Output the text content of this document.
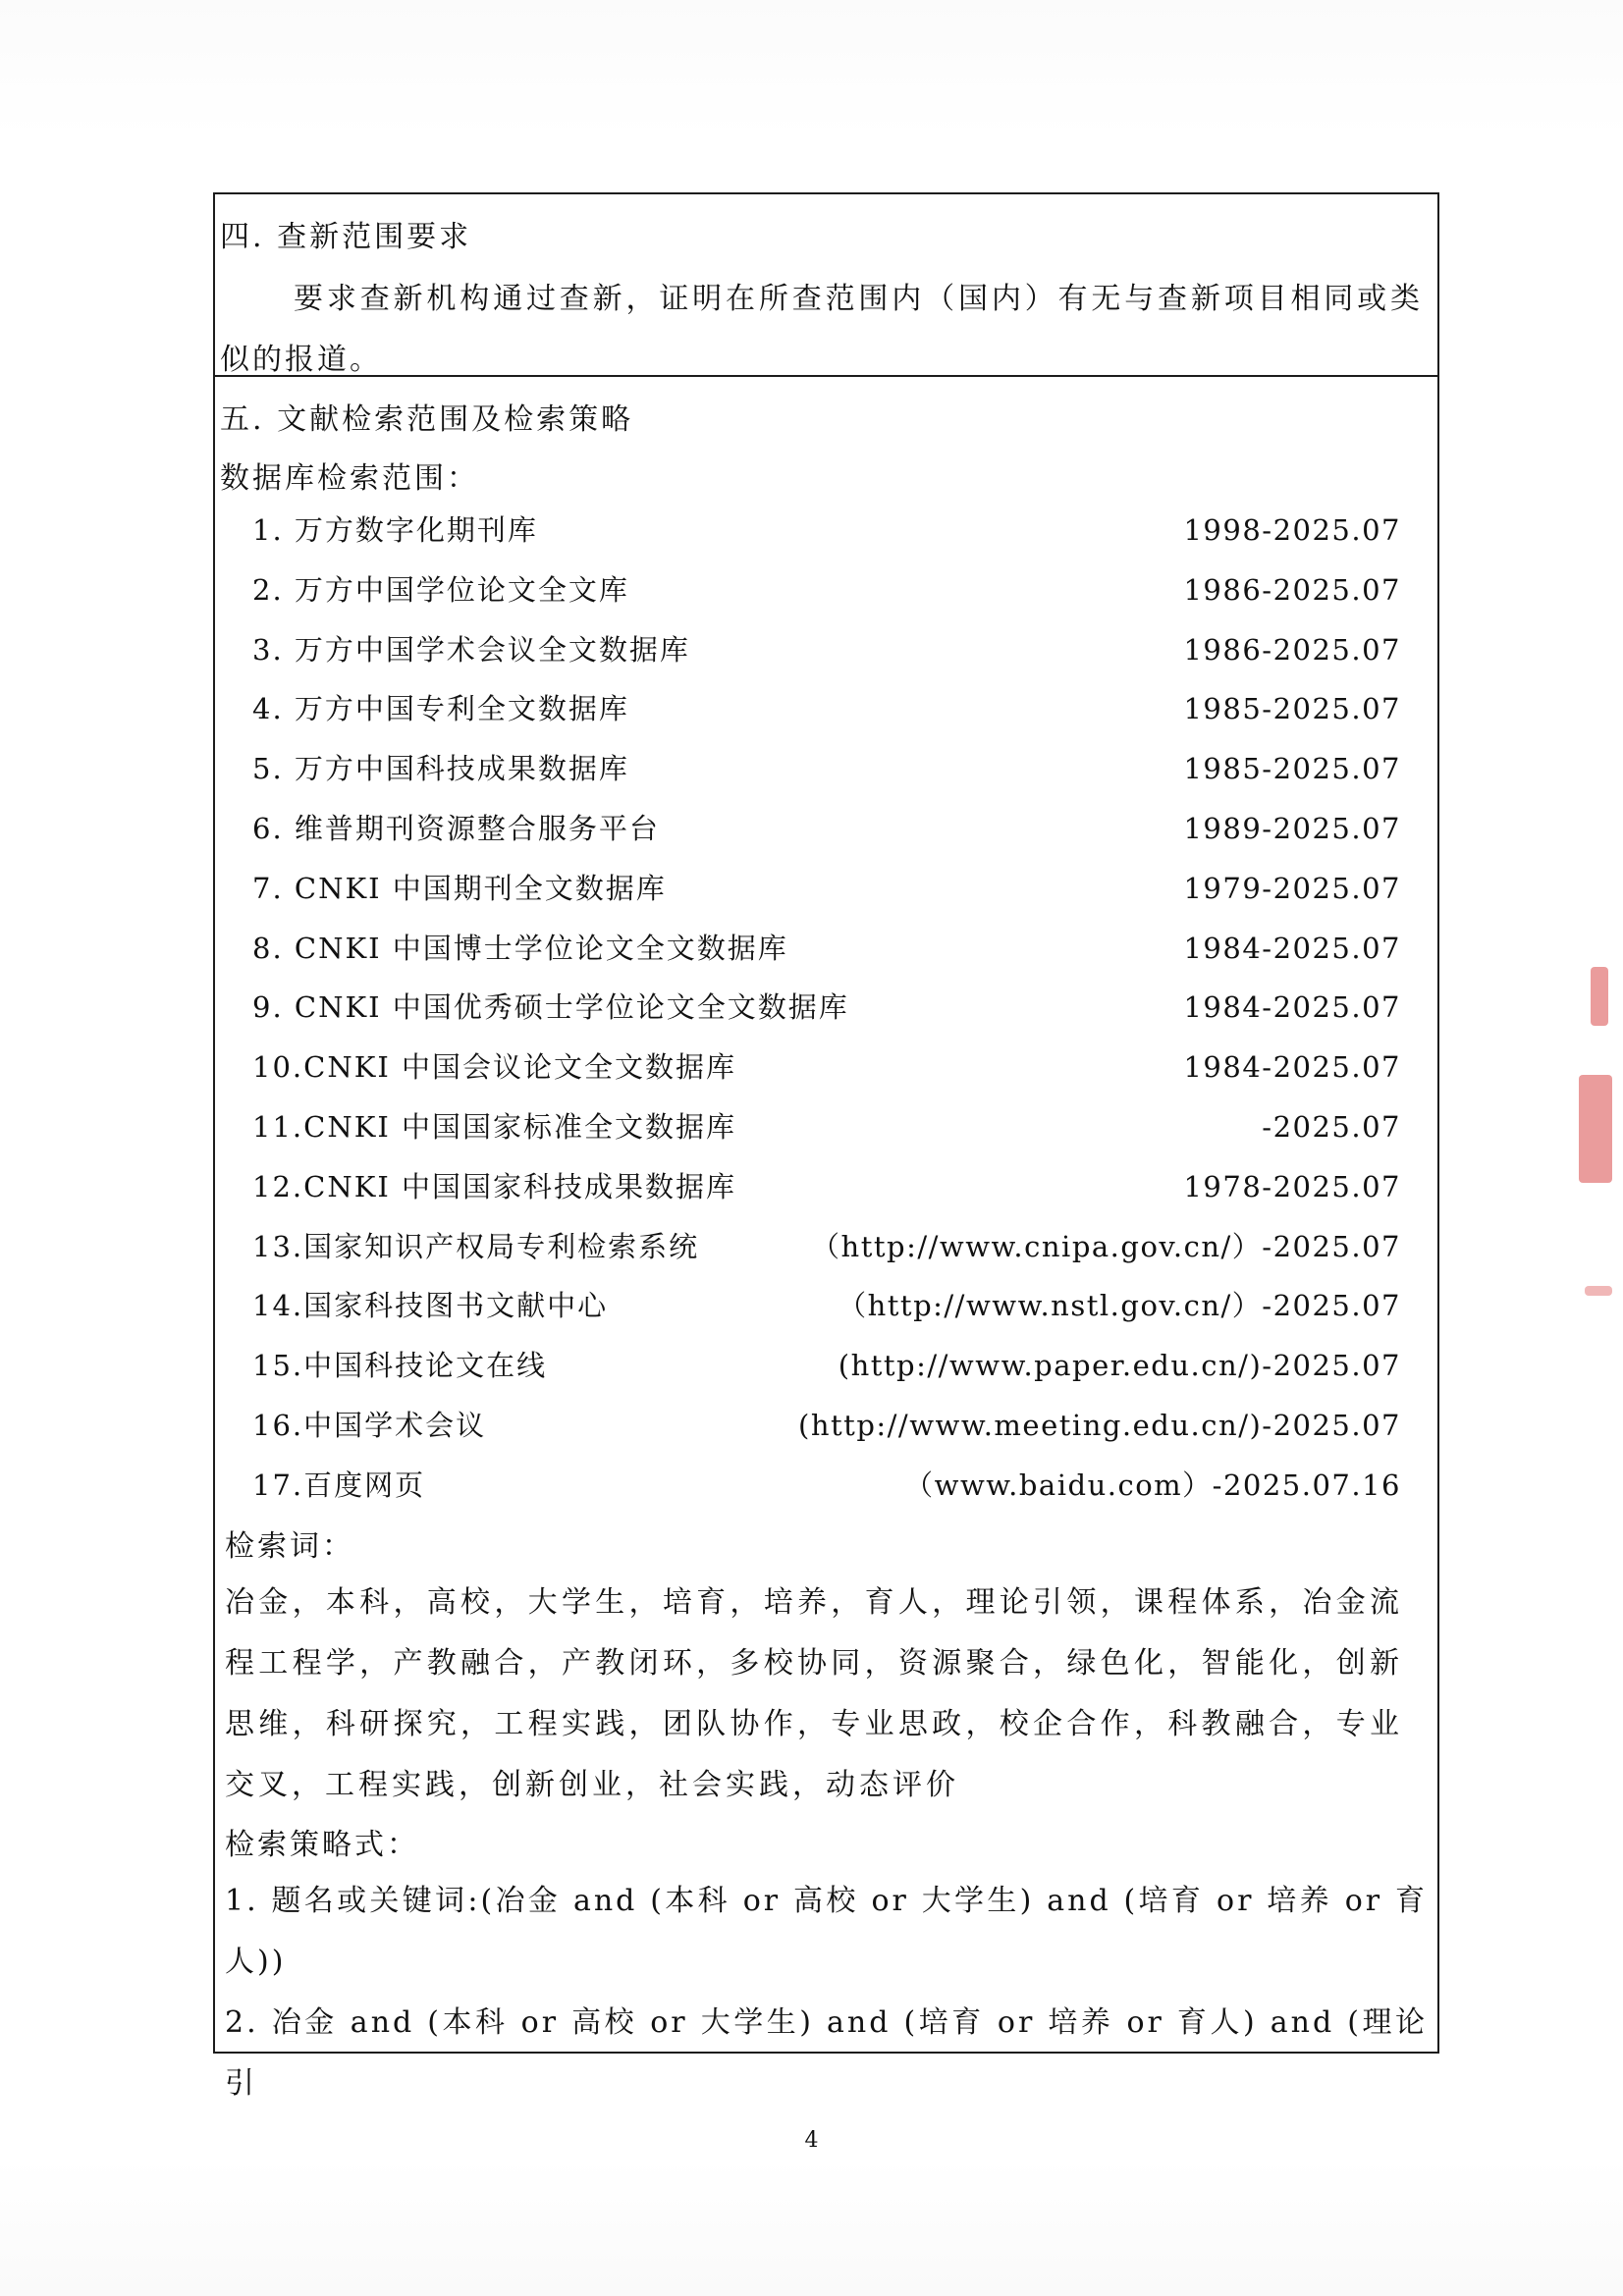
四. 查新范围要求
要求查新机构通过查新，证明在所查范围内（国内）有无与查新项目相同或类似的报道。
五. 文献检索范围及检索策略
数据库检索范围：
1. 万方数字化期刊库	1998-2025.07
2. 万方中国学位论文全文库	1986-2025.07
3. 万方中国学术会议全文数据库	1986-2025.07
4. 万方中国专利全文数据库	1985-2025.07
5. 万方中国科技成果数据库	1985-2025.07
6. 维普期刊资源整合服务平台	1989-2025.07
7. CNKI 中国期刊全文数据库	1979-2025.07
8. CNKI 中国博士学位论文全文数据库	1984-2025.07
9. CNKI 中国优秀硕士学位论文全文数据库	1984-2025.07
10.CNKI 中国会议论文全文数据库	1984-2025.07
11.CNKI 中国国家标准全文数据库	-2025.07
12.CNKI 中国国家科技成果数据库	1978-2025.07
13.国家知识产权局专利检索系统	（http://www.cnipa.gov.cn/）-2025.07
14.国家科技图书文献中心	（http://www.nstl.gov.cn/）-2025.07
15.中国科技论文在线	(http://www.paper.edu.cn/)-2025.07
16.中国学术会议	(http://www.meeting.edu.cn/)-2025.07
17.百度网页	（www.baidu.com）-2025.07.16
检索词：
冶金，本科，高校，大学生，培育，培养，育人，理论引领，课程体系，冶金流程工程学，产教融合，产教闭环，多校协同，资源聚合，绿色化，智能化，创新思维，科研探究，工程实践，团队协作，专业思政，校企合作，科教融合，专业交叉，工程实践，创新创业，社会实践，动态评价
检索策略式：
1. 题名或关键词:(冶金 and (本科 or 高校 or 大学生) and (培育 or 培养 or 育人))
2. 冶金 and (本科 or 高校 or 大学生) and (培育 or 培养 or 育人) and (理论引
4
